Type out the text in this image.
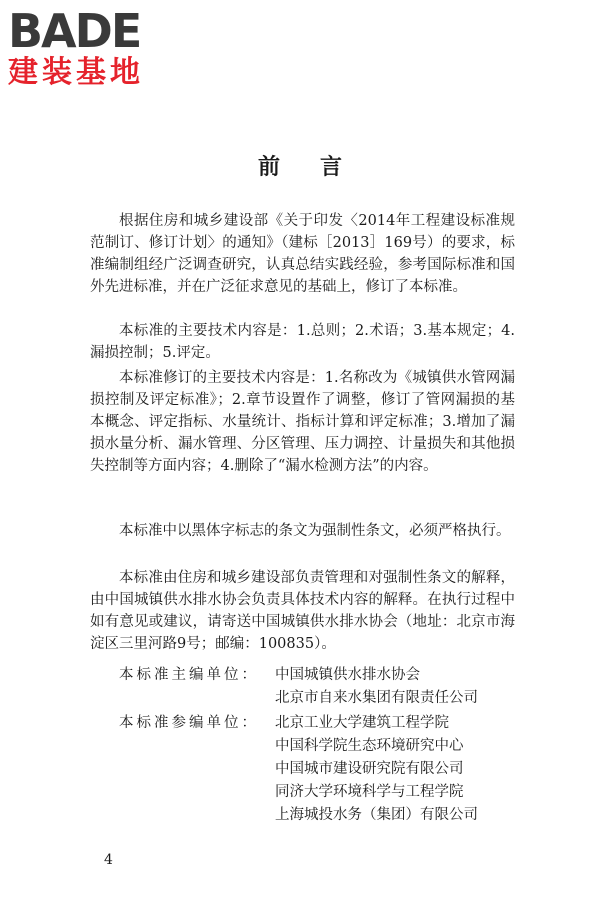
BADE
建装基地
前言

根据住房和城乡建设部《关于印发〈2014年工程建设标准规范制订、修订计划〉的通知》（建标［2013］169号）的要求，标准编制组经广泛调查研究，认真总结实践经验，参考国际标准和国外先进标准，并在广泛征求意见的基础上，修订了本标准。

本标准的主要技术内容是：1.总则；2.术语；3.基本规定；4.漏损控制；5.评定。

本标准修订的主要技术内容是：1.名称改为《城镇供水管网漏损控制及评定标准》；2.章节设置作了调整，修订了管网漏损的基本概念、评定指标、水量统计、指标计算和评定标准；3.增加了漏损水量分析、漏水管理、分区管理、压力调控、计量损失和其他损失控制等方面内容；4.删除了“漏水检测方法”的内容。

本标准中以黑体字标志的条文为强制性条文，必须严格执行。

本标准由住房和城乡建设部负责管理和对强制性条文的解释，由中国城镇供水排水协会负责具体技术内容的解释。在执行过程中如有意见或建议，请寄送中国城镇供水排水协会（地址：北京市海淀区三里河路9号；邮编：100835）。

本标准主编单位：	中国城镇供水排水协会
北京市自来水集团有限责任公司
本标准参编单位：	北京工业大学建筑工程学院
中国科学院生态环境研究中心
中国城市建设研究院有限公司
同济大学环境科学与工程学院
上海城投水务（集团）有限公司
4
